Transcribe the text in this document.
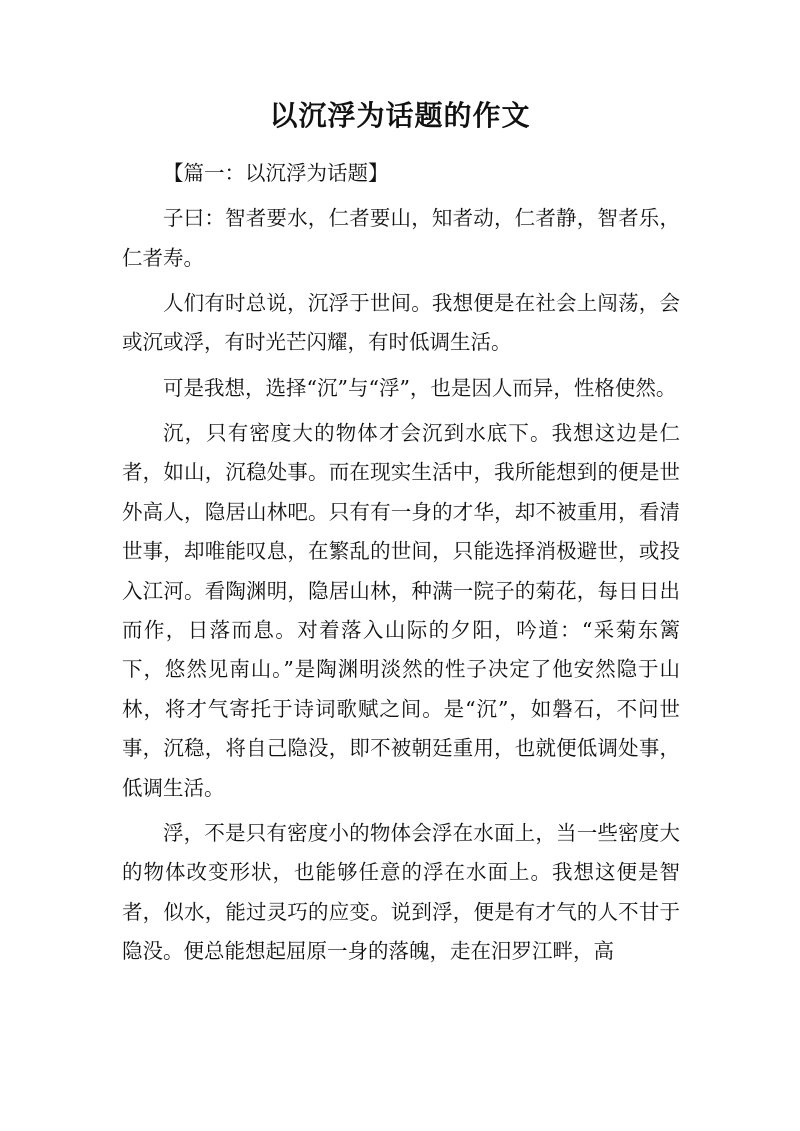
以沉浮为话题的作文

【篇一：以沉浮为话题】

子曰：智者要水，仁者要山，知者动，仁者静，智者乐，仁者寿。

人们有时总说，沉浮于世间。我想便是在社会上闯荡，会或沉或浮，有时光芒闪耀，有时低调生活。

可是我想，选择“沉”与“浮”，也是因人而异，性格使然。

沉，只有密度大的物体才会沉到水底下。我想这边是仁者，如山，沉稳处事。而在现实生活中，我所能想到的便是世外高人，隐居山林吧。只有有一身的才华，却不被重用，看清世事，却唯能叹息，在繁乱的世间，只能选择消极避世，或投入江河。看陶渊明，隐居山林，种满一院子的菊花，每日日出而作，日落而息。对着落入山际的夕阳，吟道：“采菊东篱下，悠然见南山。”是陶渊明淡然的性子决定了他安然隐于山林，将才气寄托于诗词歌赋之间。是“沉”，如磐石，不问世事，沉稳，将自己隐没，即不被朝廷重用，也就便低调处事，低调生活。

浮，不是只有密度小的物体会浮在水面上，当一些密度大的物体改变形状，也能够任意的浮在水面上。我想这便是智者，似水，能过灵巧的应变。说到浮，便是有才气的人不甘于隐没。便总能想起屈原一身的落魄，走在汨罗江畔，高
